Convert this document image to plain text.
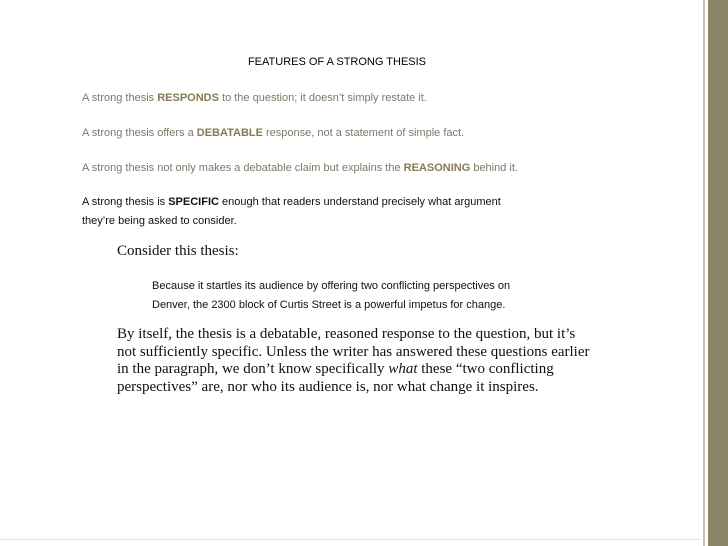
FEATURES OF A STRONG THESIS
A strong thesis RESPONDS to the question; it doesn’t simply restate it.
A strong thesis offers a DEBATABLE response, not a statement of simple fact.
A strong thesis not only makes a debatable claim but explains the REASONING behind it.
A strong thesis is SPECIFIC enough that readers understand precisely what argument
they’re being asked to consider.
Consider this thesis:
Because it startles its audience by offering two conflicting perspectives on
Denver, the 2300 block of Curtis Street is a powerful impetus for change.
By itself, the thesis is a debatable, reasoned response to the question, but it’s not sufficiently specific. Unless the writer has answered these questions earlier in the paragraph, we don’t know specifically what these “two conflicting perspectives” are, nor who its audience is, nor what change it inspires.
